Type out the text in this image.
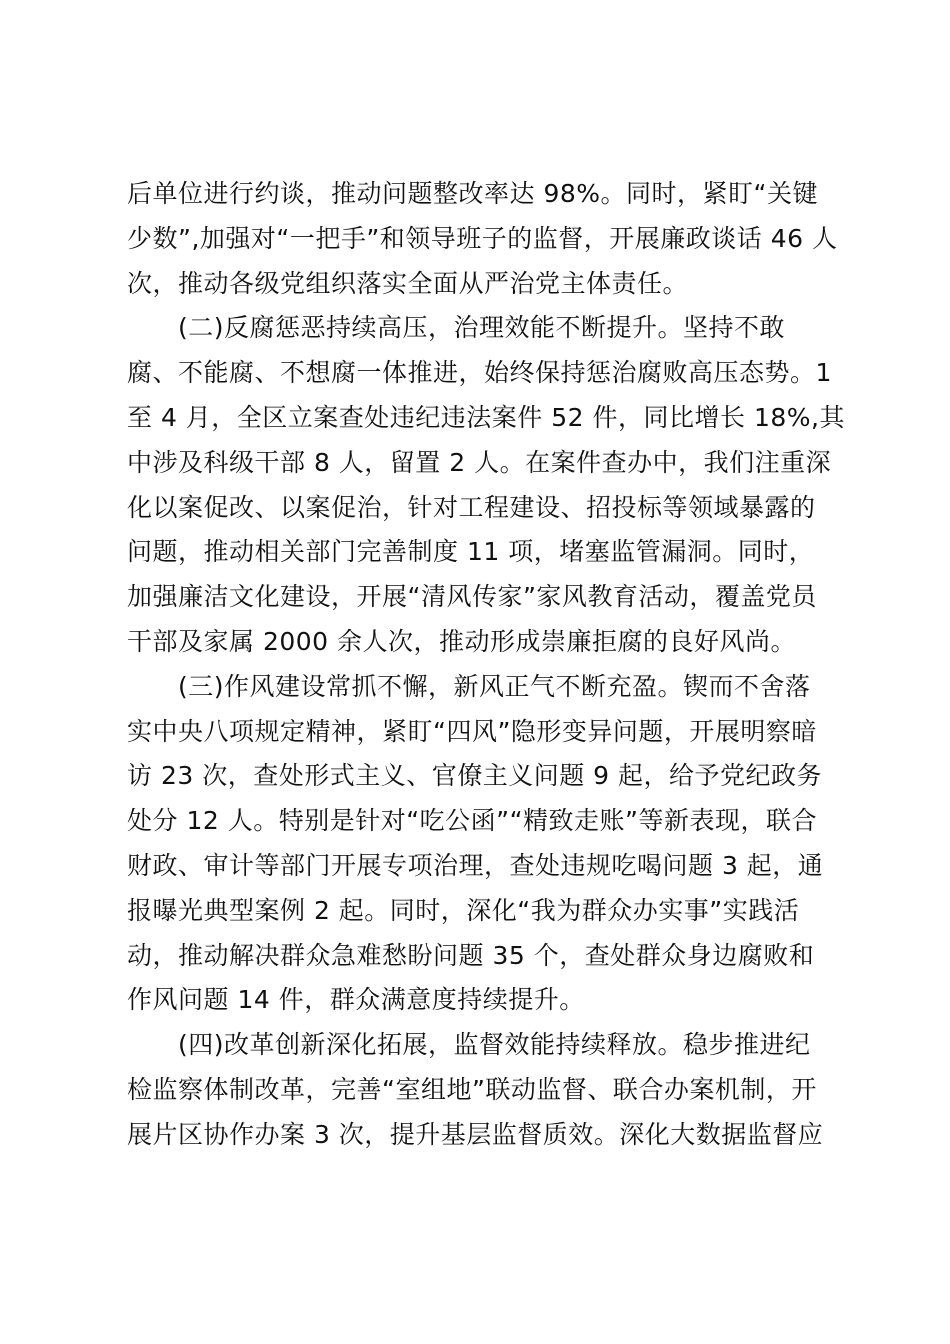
后单位进行约谈，推动问题整改率达 98%。同时，紧盯“关键
少数”,加强对“一把手”和领导班子的监督，开展廉政谈话 46 人
次，推动各级党组织落实全面从严治党主体责任。
　　(二)反腐惩恶持续高压，治理效能不断提升。坚持不敢
腐、不能腐、不想腐一体推进，始终保持惩治腐败高压态势。1
至 4 月，全区立案查处违纪违法案件 52 件，同比增长 18%,其
中涉及科级干部 8 人，留置 2 人。在案件查办中，我们注重深
化以案促改、以案促治，针对工程建设、招投标等领域暴露的
问题，推动相关部门完善制度 11 项，堵塞监管漏洞。同时，
加强廉洁文化建设，开展“清风传家”家风教育活动，覆盖党员
干部及家属 2000 余人次，推动形成崇廉拒腐的良好风尚。
　　(三)作风建设常抓不懈，新风正气不断充盈。锲而不舍落
实中央八项规定精神，紧盯“四风”隐形变异问题，开展明察暗
访 23 次，查处形式主义、官僚主义问题 9 起，给予党纪政务
处分 12 人。特别是针对“吃公函”“精致走账”等新表现，联合
财政、审计等部门开展专项治理，查处违规吃喝问题 3 起，通
报曝光典型案例 2 起。同时，深化“我为群众办实事”实践活
动，推动解决群众急难愁盼问题 35 个，查处群众身边腐败和
作风问题 14 件，群众满意度持续提升。
　　(四)改革创新深化拓展，监督效能持续释放。稳步推进纪
检监察体制改革，完善“室组地”联动监督、联合办案机制，开
展片区协作办案 3 次，提升基层监督质效。深化大数据监督应
